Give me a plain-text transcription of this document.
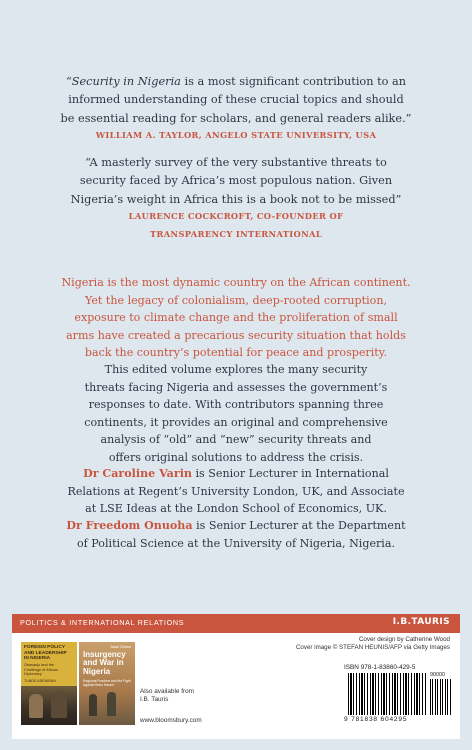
“Security in Nigeria is a most significant contribution to an
informed understanding of these crucial topics and should
be essential reading for scholars, and general readers alike.”
WILLIAM A. TAYLOR, ANGELO STATE UNIVERSITY, USA
“A masterly survey of the very substantive threats to
security faced by Africa’s most populous nation. Given
Nigeria’s weight in Africa this is a book not to be missed”
LAURENCE COCKCROFT, CO-FOUNDER OF
TRANSPARENCY INTERNATIONAL
Nigeria is the most dynamic country on the African continent.
Yet the legacy of colonialism, deep-rooted corruption,
exposure to climate change and the proliferation of small
arms have created a precarious security situation that holds
back the country’s potential for peace and prosperity.
This edited volume explores the many security
threats facing Nigeria and assesses the government’s
responses to date. With contributors spanning three
continents, it provides an original and comprehensive
analysis of “old” and “new” security threats and
offers original solutions to address the crisis.
Dr Caroline Varin is Senior Lecturer in International
Relations at Regent’s University London, UK, and Associate
at LSE Ideas at the London School of Economics, UK.
Dr Freedom Onuoha is Senior Lecturer at the Department
of Political Science at the University of Nigeria, Nigeria.
POLITICS & INTERNATIONAL RELATIONS	I.B.TAURIS
FOREIGN POLICY
AND LEADERSHIP
IN NIGERIA
Obasanjo and the
Challenge of African
Diplomacy
TUNDE ADENIRAN
Akali Omeni
Insurgency
and War in
Nigeria
Regional Fracture and the Fight Against Boko Haram
Also available from
I.B. Tauris
www.bloomsbury.com
Cover design by Catherine Wood
Cover image © STEFAN HEUNIS/AFP via Getty Images
ISBN 978-1-83860-429-5
90000
9 781838 604295
